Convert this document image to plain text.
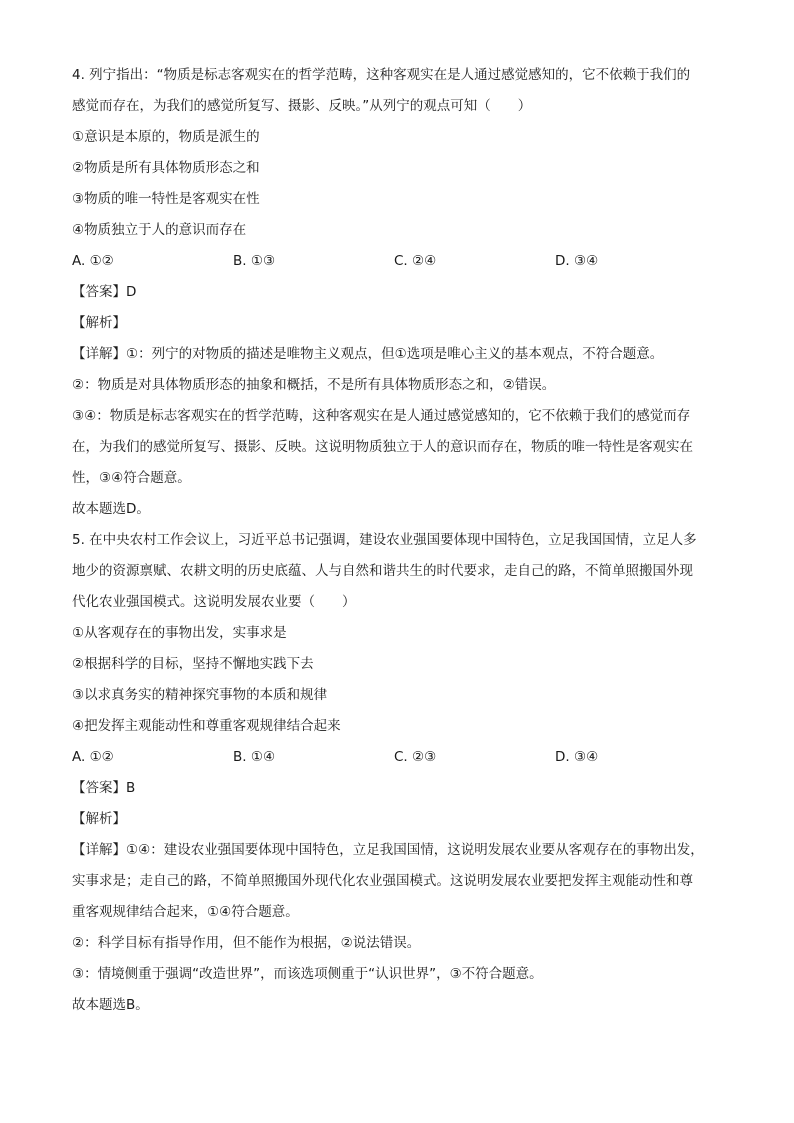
4. 列宁指出：“物质是标志客观实在的哲学范畴，这种客观实在是人通过感觉感知的，它不依赖于我们的
感觉而存在，为我们的感觉所复写、摄影、反映。”从列宁的观点可知（　　）
①意识是本原的，物质是派生的
②物质是所有具体物质形态之和
③物质的唯一特性是客观实在性
④物质独立于人的意识而存在
A. ①②	B. ①③	C. ②④	D. ③④
【答案】D
【解析】
【详解】①：列宁的对物质的描述是唯物主义观点，但①选项是唯心主义的基本观点，不符合题意。
②：物质是对具体物质形态的抽象和概括，不是所有具体物质形态之和，②错误。
③④：物质是标志客观实在的哲学范畴，这种客观实在是人通过感觉感知的，它不依赖于我们的感觉而存
在，为我们的感觉所复写、摄影、反映。这说明物质独立于人的意识而存在，物质的唯一特性是客观实在
性，③④符合题意。
故本题选D。
5. 在中央农村工作会议上，习近平总书记强调，建设农业强国要体现中国特色，立足我国国情，立足人多
地少的资源禀赋、农耕文明的历史底蕴、人与自然和谐共生的时代要求，走自己的路，不简单照搬国外现
代化农业强国模式。这说明发展农业要（　　）
①从客观存在的事物出发，实事求是
②根据科学的目标，坚持不懈地实践下去
③以求真务实的精神探究事物的本质和规律
④把发挥主观能动性和尊重客观规律结合起来
A. ①②	B. ①④	C. ②③	D. ③④
【答案】B
【解析】
【详解】①④：建设农业强国要体现中国特色，立足我国国情，这说明发展农业要从客观存在的事物出发，
实事求是；走自己的路，不简单照搬国外现代化农业强国模式。这说明发展农业要把发挥主观能动性和尊
重客观规律结合起来，①④符合题意。
②：科学目标有指导作用，但不能作为根据，②说法错误。
③：情境侧重于强调“改造世界”，而该选项侧重于“认识世界”，③不符合题意。
故本题选B。
